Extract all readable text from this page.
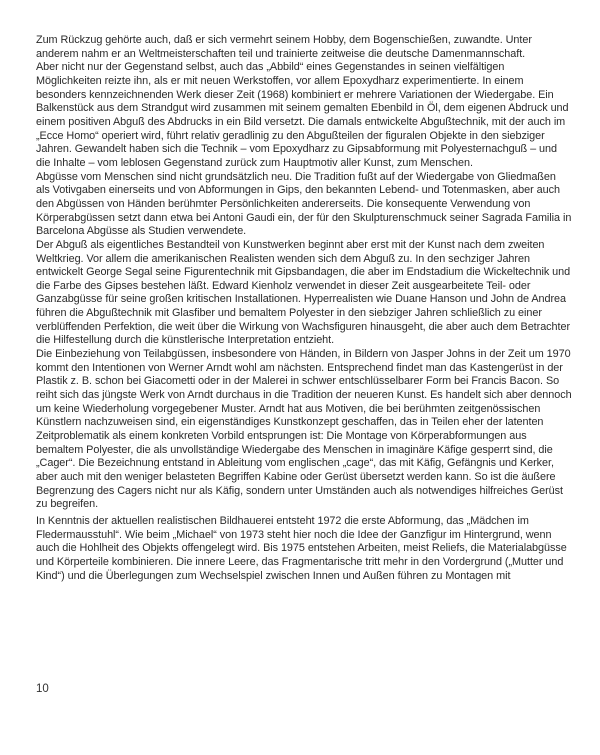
Zum Rückzug gehörte auch, daß er sich vermehrt seinem Hobby, dem Bogenschießen, zuwandte. Unter anderem nahm er an Weltmeisterschaften teil und trainierte zeitweise die deutsche Damenmannschaft.

Aber nicht nur der Gegenstand selbst, auch das „Abbild“ eines Gegenstandes in seinen vielfältigen Möglichkeiten reizte ihn, als er mit neuen Werkstoffen, vor allem Epoxydharz experimentierte. In einem besonders kennzeichnenden Werk dieser Zeit (1968) kombiniert er mehrere Variationen der Wiedergabe. Ein Balkenstück aus dem Strandgut wird zusammen mit seinem gemalten Ebenbild in Öl, dem eigenen Abdruck und einem positiven Abguß des Abdrucks in ein Bild versetzt. Die damals entwickelte Abgußtechnik, mit der auch im „Ecce Homo“ operiert wird, führt relativ geradlinig zu den Abgußteilen der figuralen Objekte in den siebziger Jahren. Gewandelt haben sich die Technik – vom Epoxydharz zu Gipsabformung mit Polyesternachguß – und die Inhalte – vom leblosen Gegenstand zurück zum Hauptmotiv aller Kunst, zum Menschen.

Abgüsse vom Menschen sind nicht grundsätzlich neu. Die Tradition fußt auf der Wiedergabe von Gliedmaßen als Votivgaben einerseits und von Abformungen in Gips, den bekannten Lebend- und Totenmasken, aber auch den Abgüssen von Händen berühmter Persönlichkeiten andererseits. Die konsequente Verwendung von Körperabgüssen setzt dann etwa bei Antoni Gaudi ein, der für den Skulpturenschmuck seiner Sagrada Familia in Barcelona Abgüsse als Studien verwendete.

Der Abguß als eigentliches Bestandteil von Kunstwerken beginnt aber erst mit der Kunst nach dem zweiten Weltkrieg. Vor allem die amerikanischen Realisten wenden sich dem Abguß zu. In den sechziger Jahren entwickelt George Segal seine Figurentechnik mit Gipsbandagen, die aber im Endstadium die Wickeltechnik und die Farbe des Gipses bestehen läßt. Edward Kienholz verwendet in dieser Zeit ausgearbeitete Teil- oder Ganzabgüsse für seine großen kritischen Installationen. Hyperrealisten wie Duane Hanson und John de Andrea führen die Abgußtechnik mit Glasfiber und bemaltem Polyester in den siebziger Jahren schließlich zu einer verblüffenden Perfektion, die weit über die Wirkung von Wachsfiguren hinausgeht, die aber auch dem Betrachter die Hilfestellung durch die künstlerische Interpretation entzieht.

Die Einbeziehung von Teilabgüssen, insbesondere von Händen, in Bildern von Jasper Johns in der Zeit um 1970 kommt den Intentionen von Werner Arndt wohl am nächsten. Entsprechend findet man das Kastengerüst in der Plastik z. B. schon bei Giacometti oder in der Malerei in schwer entschlüsselbarer Form bei Francis Bacon. So reiht sich das jüngste Werk von Arndt durchaus in die Tradition der neueren Kunst. Es handelt sich aber dennoch um keine Wiederholung vorgegebener Muster. Arndt hat aus Motiven, die bei berühmten zeitgenössischen Künstlern nachzuweisen sind, ein eigenständiges Kunstkonzept geschaffen, das in Teilen eher der latenten Zeitproblematik als einem konkreten Vorbild entsprungen ist: Die Montage von Körperabformungen aus bemaltem Polyester, die als unvollständige Wiedergabe des Menschen in imaginäre Käfige gesperrt sind, die „Cager“. Die Bezeichnung entstand in Ableitung vom englischen „cage“, das mit Käfig, Gefängnis und Kerker, aber auch mit den weniger belasteten Begriffen Kabine oder Gerüst übersetzt werden kann. So ist die äußere Begrenzung des Cagers nicht nur als Käfig, sondern unter Umständen auch als notwendiges hilfreiches Gerüst zu begreifen.

In Kenntnis der aktuellen realistischen Bildhauerei entsteht 1972 die erste Abformung, das „Mädchen im Fledermausstuhl“. Wie beim „Michael“ von 1973 steht hier noch die Idee der Ganzfigur im Hintergrund, wenn auch die Hohlheit des Objekts offengelegt wird. Bis 1975 entstehen Arbeiten, meist Reliefs, die Materialabgüsse und Körperteile kombinieren. Die innere Leere, das Fragmentarische tritt mehr in den Vordergrund („Mutter und Kind“) und die Überlegungen zum Wechselspiel zwischen Innen und Außen führen zu Montagen mit

10
